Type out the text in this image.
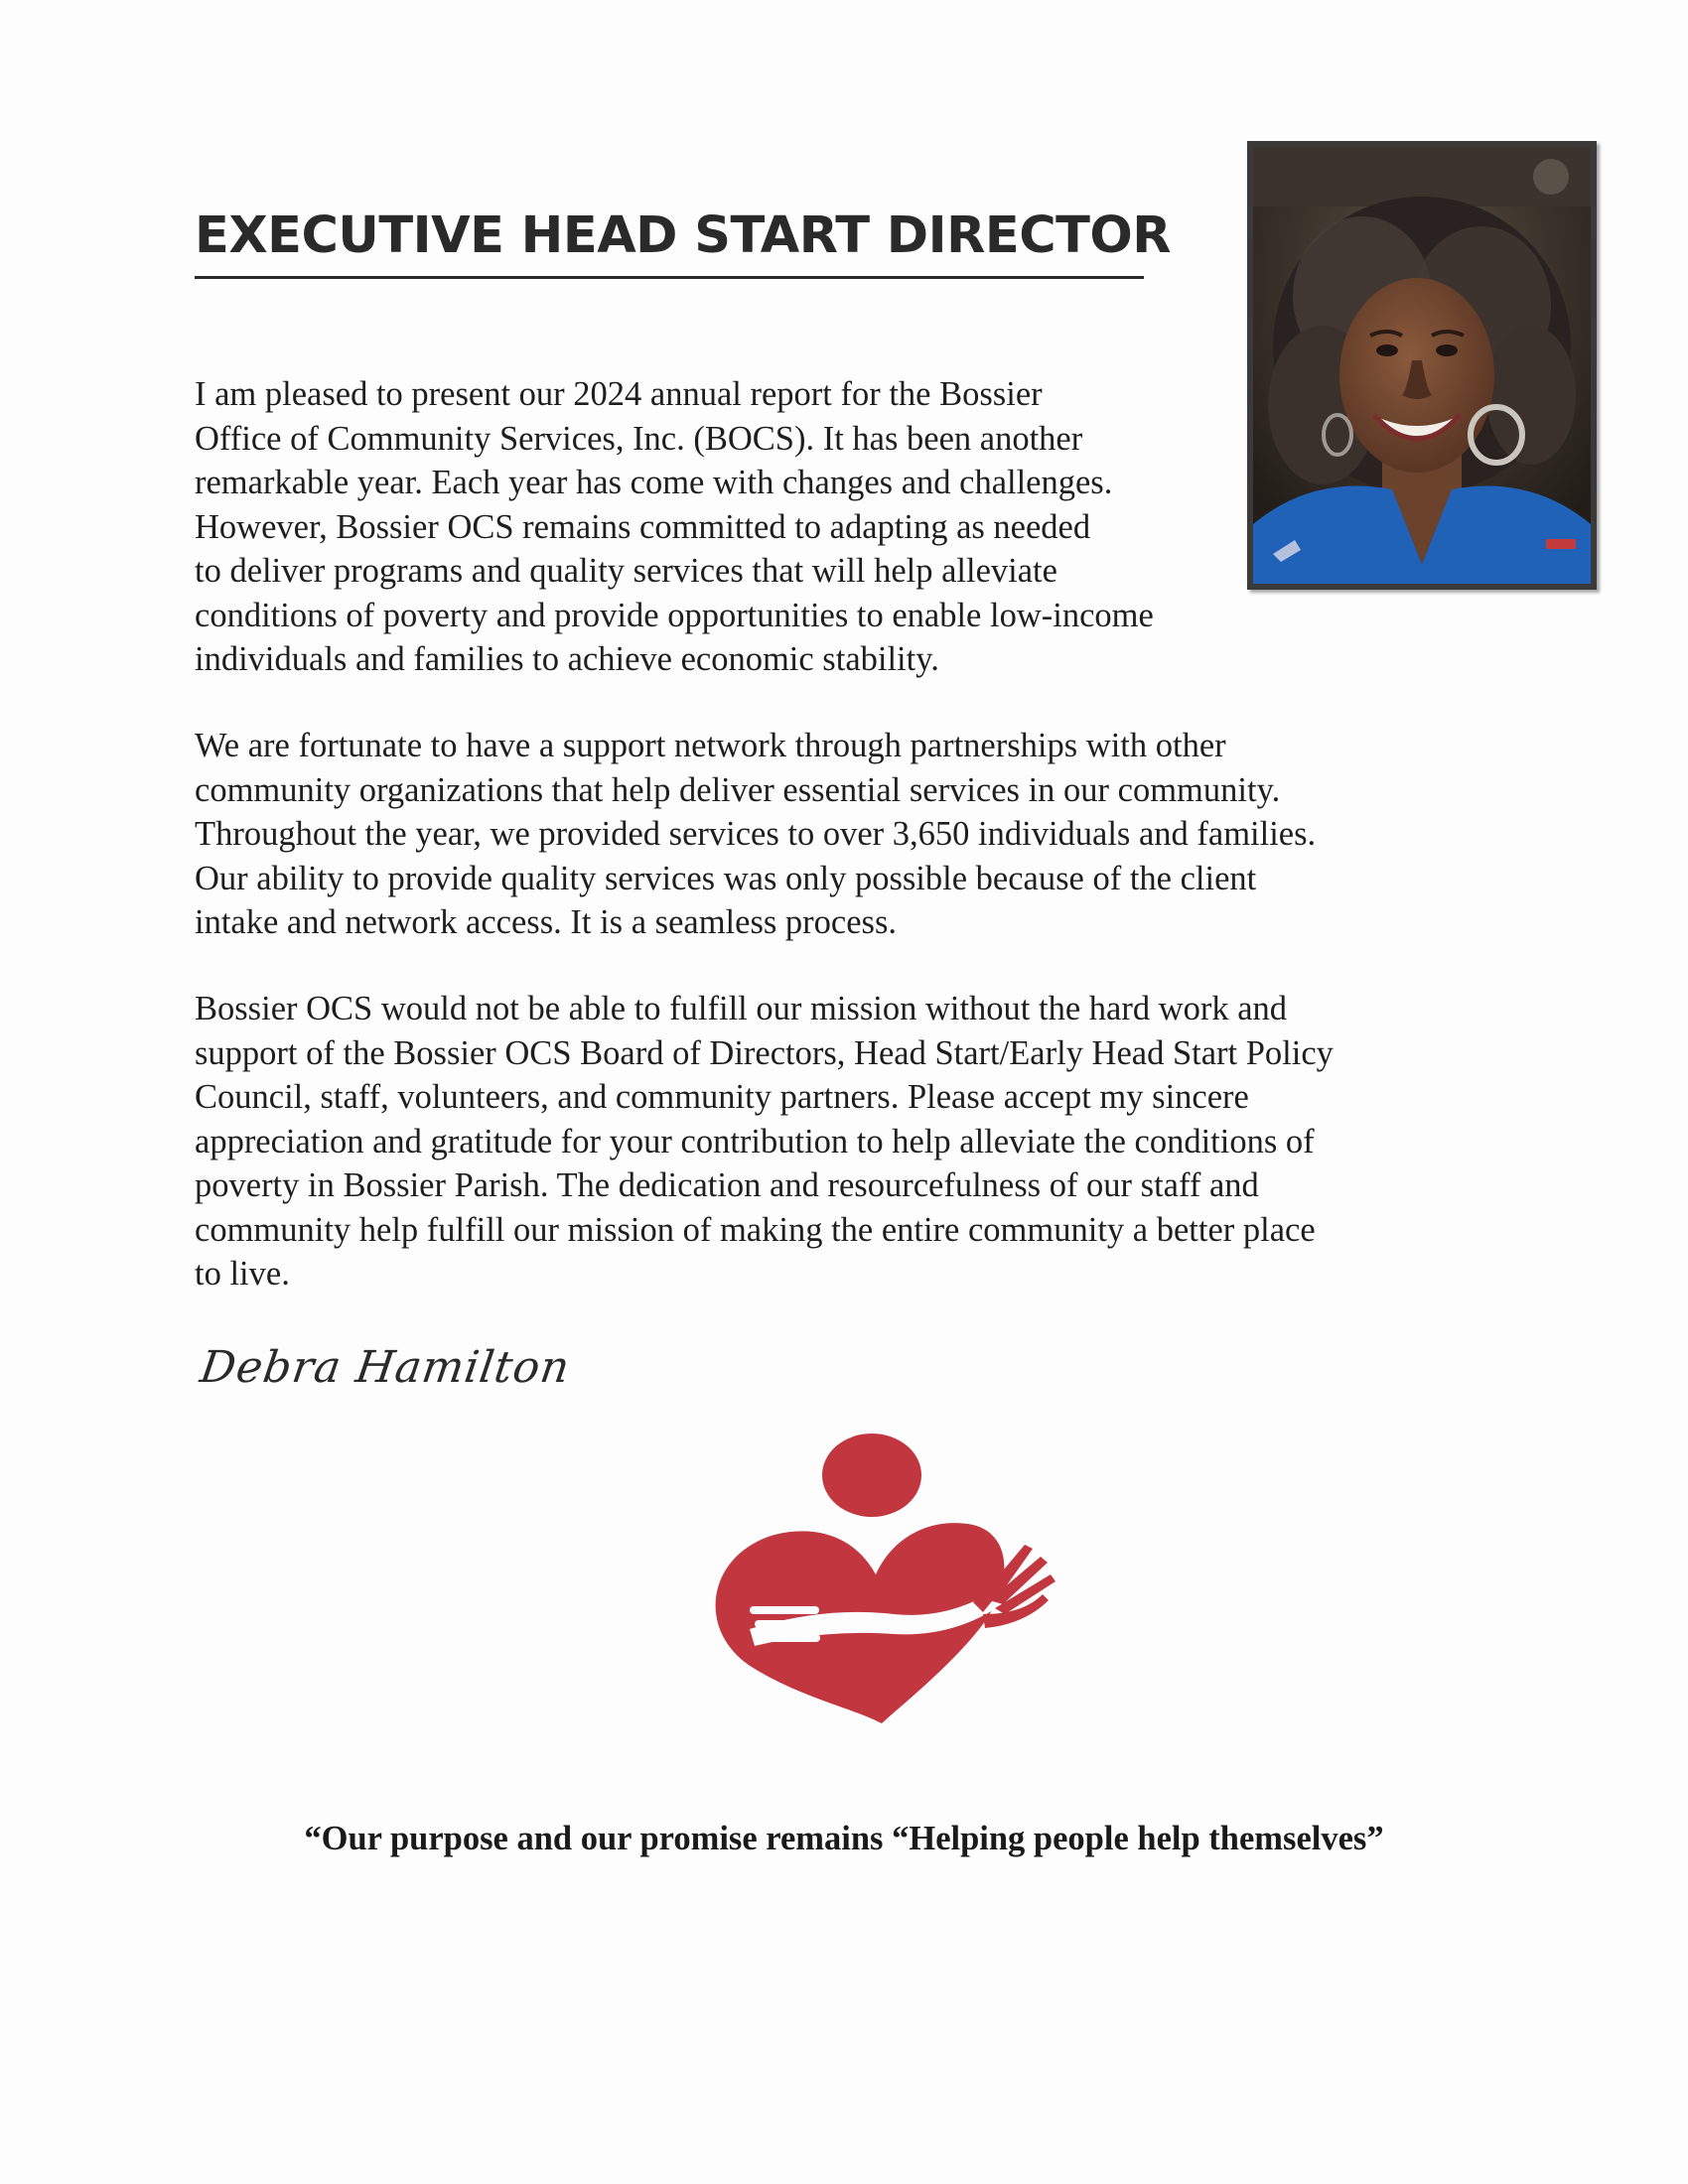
EXECUTIVE HEAD START DIRECTOR

I am pleased to present our 2024 annual report for the Bossier
Office of Community Services, Inc. (BOCS). It has been another
remarkable year. Each year has come with changes and challenges.
However, Bossier OCS remains committed to adapting as needed
to deliver programs and quality services that will help alleviate
conditions of poverty and provide opportunities to enable low-income
individuals and families to achieve economic stability.

We are fortunate to have a support network through partnerships with other
community organizations that help deliver essential services in our community.
Throughout the year, we provided services to over 3,650 individuals and families.
Our ability to provide quality services was only possible because of the client
intake and network access. It is a seamless process.

Bossier OCS would not be able to fulfill our mission without the hard work and
support of the Bossier OCS Board of Directors, Head Start/Early Head Start Policy
Council, staff, volunteers, and community partners. Please accept my sincere
appreciation and gratitude for your contribution to help alleviate the conditions of
poverty in Bossier Parish. The dedication and resourcefulness of our staff and
community help fulfill our mission of making the entire community a better place
to live.

Debra Hamilton

“Our purpose and our promise remains “Helping people help themselves”
